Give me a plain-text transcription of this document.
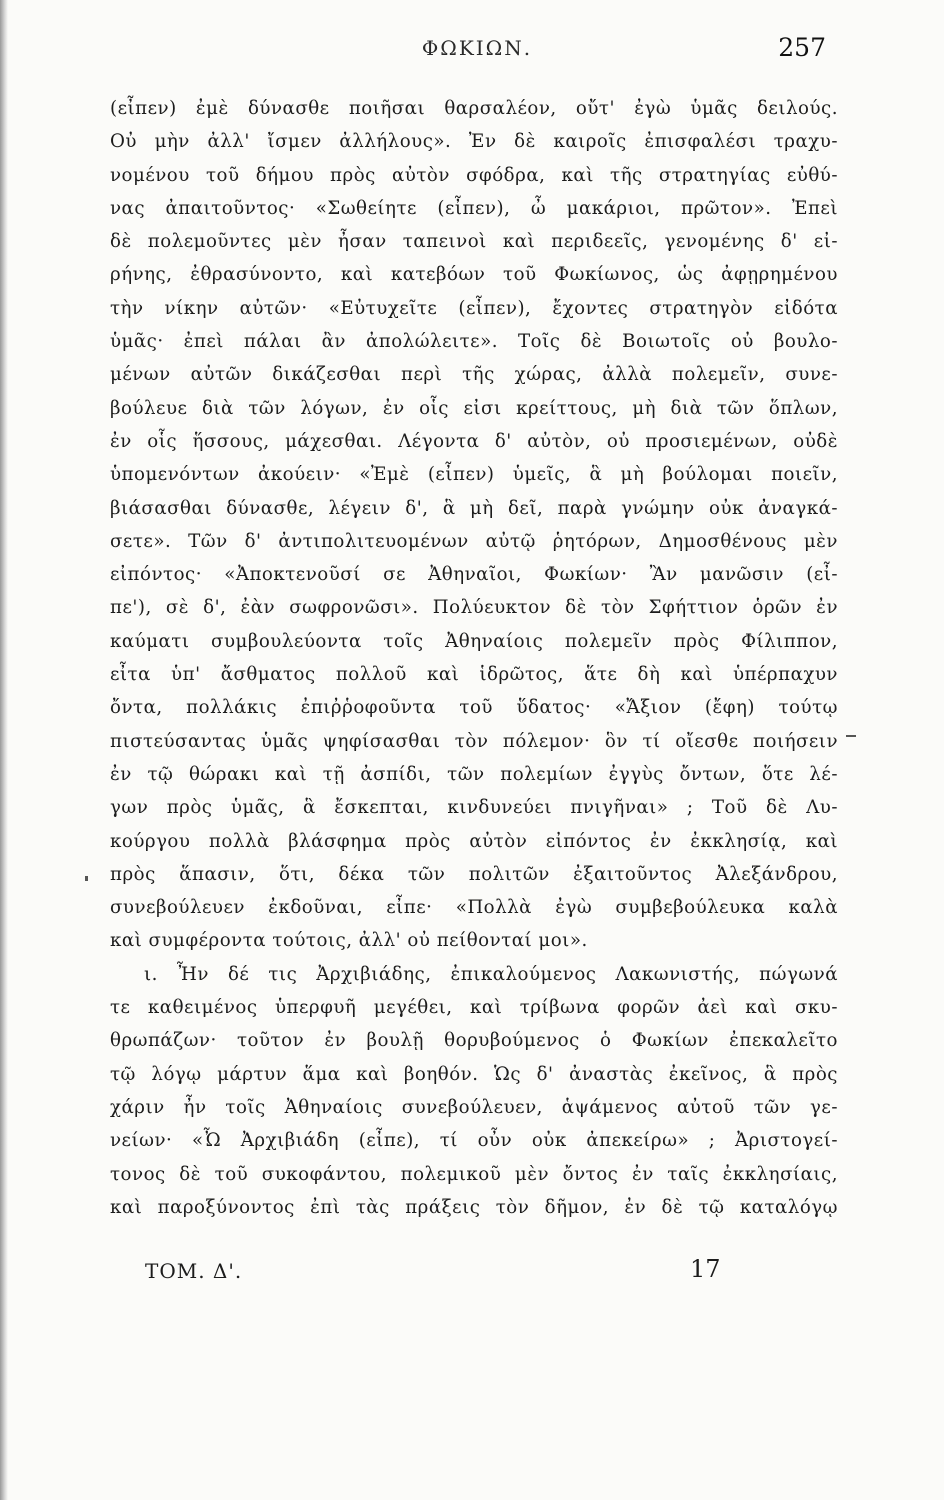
ΦΩΚΙΩΝ.	257
(εἶπεν) ἐμὲ δύνασθε ποιῆσαι θαρσαλέον, οὔτ' ἐγὼ ὑμᾶς δειλούς.
Οὐ μὴν ἀλλ' ἴσμεν ἀλλήλους». Ἐν δὲ καιροῖς ἐπισφαλέσι τραχυ-
νομένου τοῦ δήμου πρὸς αὐτὸν σφόδρα, καὶ τῆς στρατηγίας εὐθύ-
νας ἀπαιτοῦντος· «Σωθείητε (εἶπεν), ὦ μακάριοι, πρῶτον». Ἐπεὶ
δὲ πολεμοῦντες μὲν ἦσαν ταπεινοὶ καὶ περιδεεῖς, γενομένης δ' εἰ-
ρήνης, ἐθρασύνοντο, καὶ κατεβόων τοῦ Φωκίωνος, ὡς ἀφῃρημένου
τὴν νίκην αὐτῶν· «Εὐτυχεῖτε (εἶπεν), ἔχοντες στρατηγὸν εἰδότα
ὑμᾶς· ἐπεὶ πάλαι ἂν ἀπολώλειτε». Τοῖς δὲ Βοιωτοῖς οὐ βουλο-
μένων αὐτῶν δικάζεσθαι περὶ τῆς χώρας, ἀλλὰ πολεμεῖν, συνε-
βούλευε διὰ τῶν λόγων, ἐν οἷς εἰσι κρείττους, μὴ διὰ τῶν ὅπλων,
ἐν οἷς ἥσσους, μάχεσθαι. Λέγοντα δ' αὐτὸν, οὐ προσιεμένων, οὐδὲ
ὑπομενόντων ἀκούειν· «Ἐμὲ (εἶπεν) ὑμεῖς, ἃ μὴ βούλομαι ποιεῖν,
βιάσασθαι δύνασθε, λέγειν δ', ἃ μὴ δεῖ, παρὰ γνώμην οὐκ ἀναγκά-
σετε». Τῶν δ' ἀντιπολιτευομένων αὐτῷ ῥητόρων, Δημοσθένους μὲν
εἰπόντος· «Ἀποκτενοῦσί σε Ἀθηναῖοι, Φωκίων· Ἂν μανῶσιν (εἶ-
πε'), σὲ δ', ἐὰν σωφρονῶσι». Πολύευκτον δὲ τὸν Σφήττιον ὁρῶν ἐν
καύματι συμβουλεύοντα τοῖς Ἀθηναίοις πολεμεῖν πρὸς Φίλιππον,
εἶτα ὑπ' ἄσθματος πολλοῦ καὶ ἱδρῶτος, ἅτε δὴ καὶ ὑπέρπαχυν
ὄντα, πολλάκις ἐπιῤῥοφοῦντα τοῦ ὕδατος· «Ἄξιον (ἔφη) τούτῳ
πιστεύσαντας ὑμᾶς ψηφίσασθαι τὸν πόλεμον· ὃν τί οἴεσθε ποιήσειν
ἐν τῷ θώρακι καὶ τῇ ἀσπίδι, τῶν πολεμίων ἐγγὺς ὄντων, ὅτε λέ-
γων πρὸς ὑμᾶς, ἃ ἔσκεπται, κινδυνεύει πνιγῆναι» ; Τοῦ δὲ Λυ-
κούργου πολλὰ βλάσφημα πρὸς αὐτὸν εἰπόντος ἐν ἐκκλησίᾳ, καὶ
πρὸς ἅπασιν, ὅτι, δέκα τῶν πολιτῶν ἐξαιτοῦντος Ἀλεξάνδρου,
συνεβούλευεν ἐκδοῦναι, εἶπε· «Πολλὰ ἐγὼ συμβεβούλευκα καλὰ
καὶ συμφέροντα τούτοις, ἀλλ' οὐ πείθονταί μοι».
ι. Ἦν δέ τις Ἀρχιβιάδης, ἐπικαλούμενος Λακωνιστής, πώγωνά
τε καθειμένος ὑπερφυῆ μεγέθει, καὶ τρίβωνα φορῶν ἀεὶ καὶ σκυ-
θρωπάζων· τοῦτον ἐν βουλῇ θορυβούμενος ὁ Φωκίων ἐπεκαλεῖτο
τῷ λόγῳ μάρτυν ἅμα καὶ βοηθόν. Ὡς δ' ἀναστὰς ἐκεῖνος, ἃ πρὸς
χάριν ἦν τοῖς Ἀθηναίοις συνεβούλευεν, ἁψάμενος αὐτοῦ τῶν γε-
νείων· «Ὦ Ἀρχιβιάδη (εἶπε), τί οὖν οὐκ ἀπεκείρω» ; Ἀριστογεί-
τονος δὲ τοῦ συκοφάντου, πολεμικοῦ μὲν ὄντος ἐν ταῖς ἐκκλησίαις,
καὶ παροξύνοντος ἐπὶ τὰς πράξεις τὸν δῆμον, ἐν δὲ τῷ καταλόγῳ
ΤΟΜ. Δ'.	17
